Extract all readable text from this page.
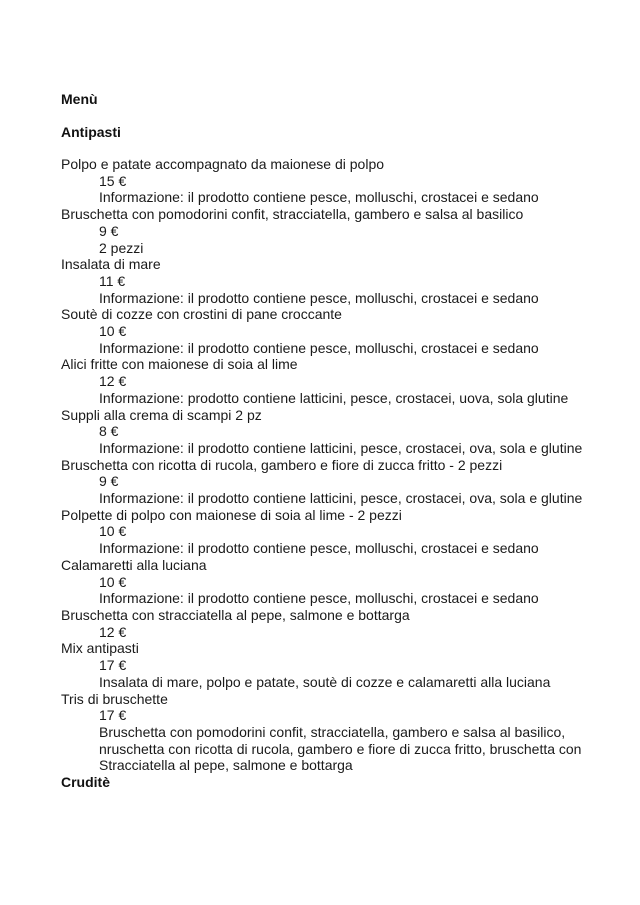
Menù
Antipasti
Polpo e patate accompagnato da maionese di polpo
15 €
Informazione: il prodotto contiene pesce, molluschi, crostacei e sedano
Bruschetta con pomodorini confit, stracciatella, gambero e salsa al basilico
9 €
2 pezzi
Insalata di mare
11 €
Informazione: il prodotto contiene pesce, molluschi, crostacei e sedano
Soutè di cozze con crostini di pane croccante
10 €
Informazione: il prodotto contiene pesce, molluschi, crostacei e sedano
Alici fritte con maionese di soia al lime
12 €
Informazione: prodotto contiene latticini, pesce, crostacei, uova, sola glutine
Suppli alla crema di scampi 2 pz
8 €
Informazione: il prodotto contiene latticini, pesce, crostacei, ova, sola e glutine
Bruschetta con ricotta di rucola, gambero e fiore di zucca fritto - 2 pezzi
9 €
Informazione: il prodotto contiene latticini, pesce, crostacei, ova, sola e glutine
Polpette di polpo con maionese di soia al lime - 2 pezzi
10 €
Informazione: il prodotto contiene pesce, molluschi, crostacei e sedano
Calamaretti alla luciana
10 €
Informazione: il prodotto contiene pesce, molluschi, crostacei e sedano
Bruschetta con stracciatella al pepe, salmone e bottarga
12 €
Mix antipasti
17 €
Insalata di mare, polpo e patate, soutè di cozze e calamaretti alla luciana
Tris di bruschette
17 €
Bruschetta con pomodorini confit, stracciatella, gambero e salsa al basilico, nruschetta con ricotta di rucola, gambero e fiore di zucca fritto, bruschetta con Stracciatella al pepe, salmone e bottarga
Cruditè
